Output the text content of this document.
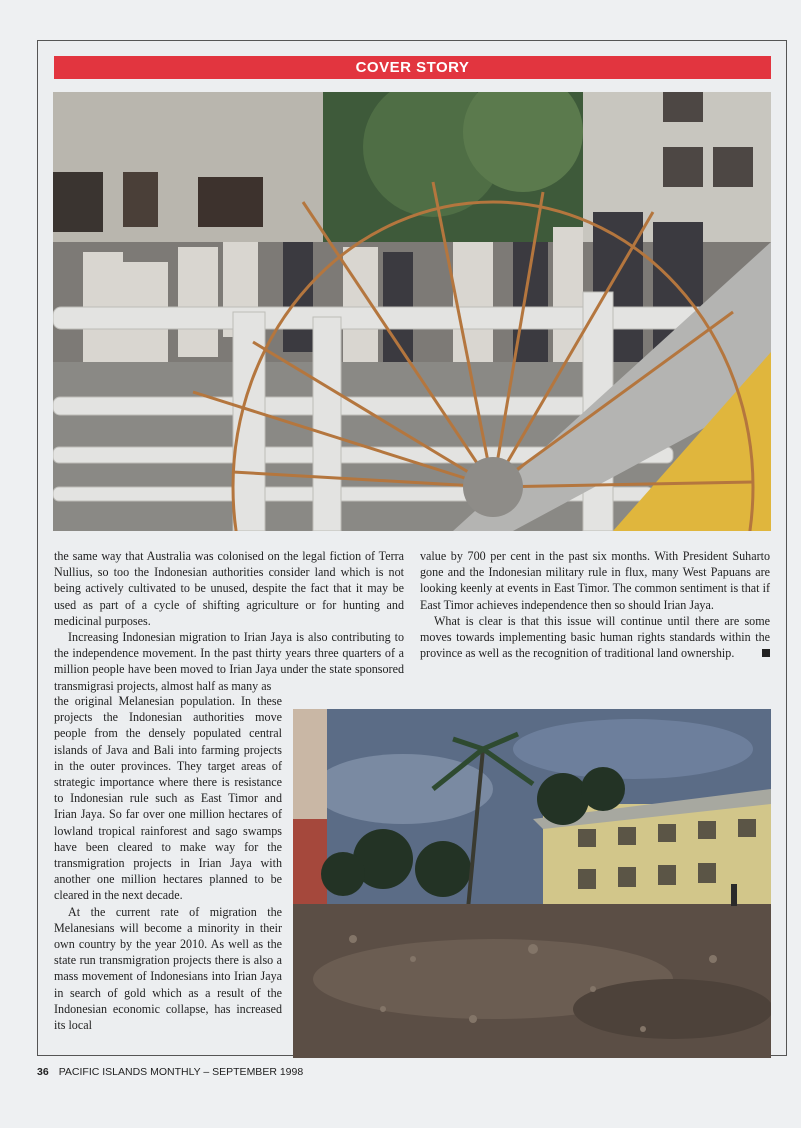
COVER STORY

the same way that Australia was colonised on the legal fiction of Terra Nullius, so too the Indonesian authorities consider land which is not being actively cultivated to be unused, despite the fact that it may be used as part of a cycle of shifting agriculture or for hunting and medicinal purposes.

Increasing Indonesian migration to Irian Jaya is also contributing to the independence movement. In the past thirty years three quarters of a million people have been moved to Irian Jaya under the state sponsored transmigrasi projects, almost half as many as

the original Melanesian population. In these projects the Indonesian authorities move people from the densely populated central islands of Java and Bali into farming projects in the outer provinces. They target areas of strategic importance where there is resistance to Indonesian rule such as East Timor and Irian Jaya. So far over one million hectares of lowland tropical rainforest and sago swamps have been cleared to make way for the transmigration projects in Irian Jaya with another one million hectares planned to be cleared in the next decade.

At the current rate of migration the Melanesians will become a minority in their own country by the year 2010. As well as the state run transmigration projects there is also a mass movement of Indonesians into Irian Jaya in search of gold which as a result of the Indonesian economic collapse, has increased its local

value by 700 per cent in the past six months. With President Suharto gone and the Indonesian military rule in flux, many West Papuans are looking keenly at events in East Timor. The common sentiment is that if East Timor achieves independence then so should Irian Jaya.

What is clear is that this issue will continue until there are some moves towards implementing basic human rights standards within the province as well as the recognition of traditional land ownership.

36 PACIFIC ISLANDS MONTHLY – SEPTEMBER 1998
